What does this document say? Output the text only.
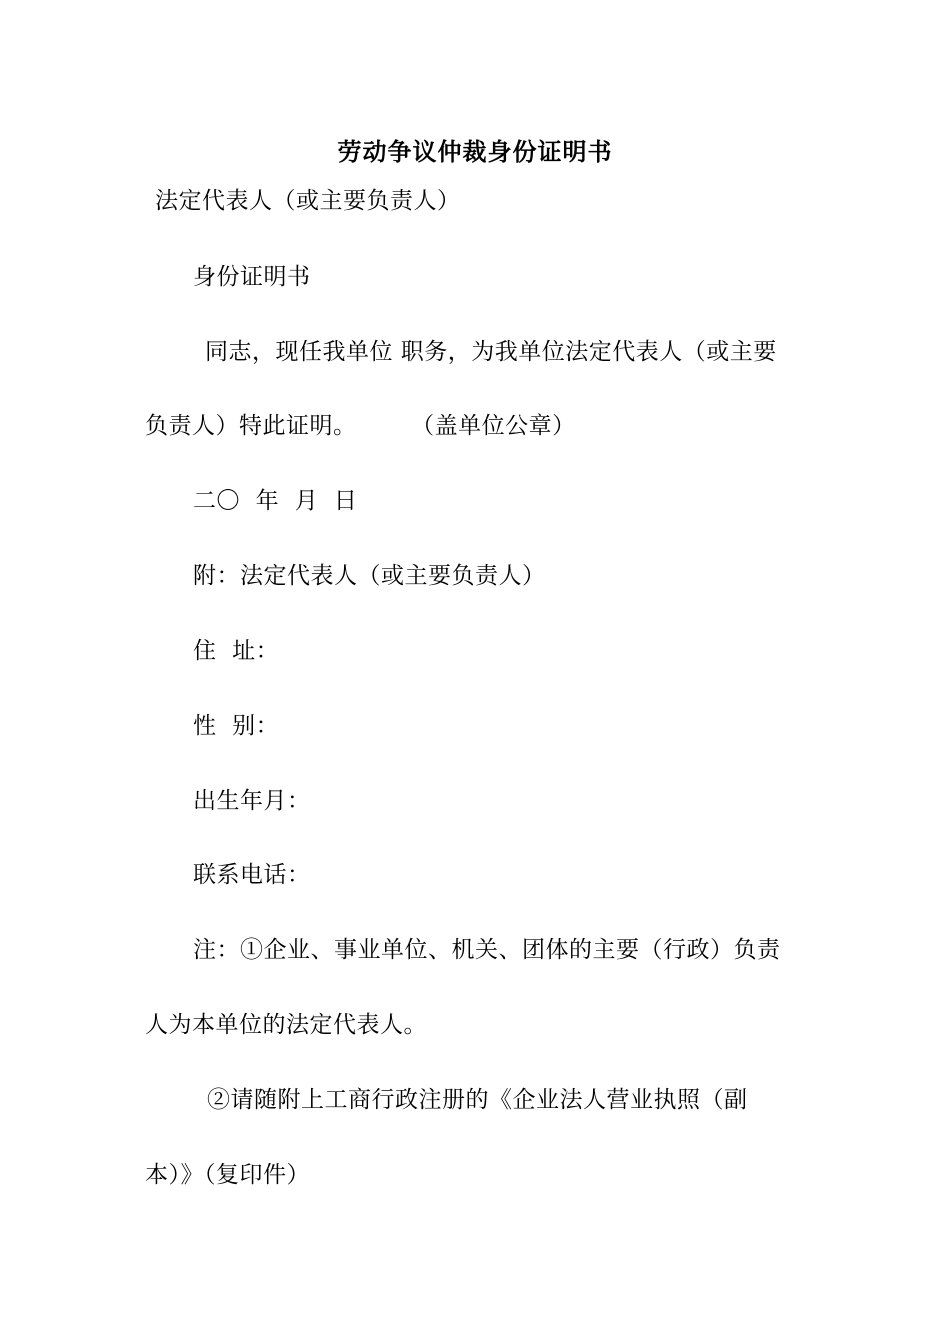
劳动争议仲裁身份证明书
法定代表人（或主要负责人）
身份证明书
同志，现任我单位 职务，为我单位法定代表人（或主要
负责人）特此证明。       （盖单位公章）
二〇  年  月  日
附：法定代表人（或主要负责人）
住  址：
性  别：
出生年月：
联系电话：
注：①企业、事业单位、机关、团体的主要（行政）负责
人为本单位的法定代表人。
②请随附上工商行政注册的《企业法人营业执照（副
本）》（复印件）
